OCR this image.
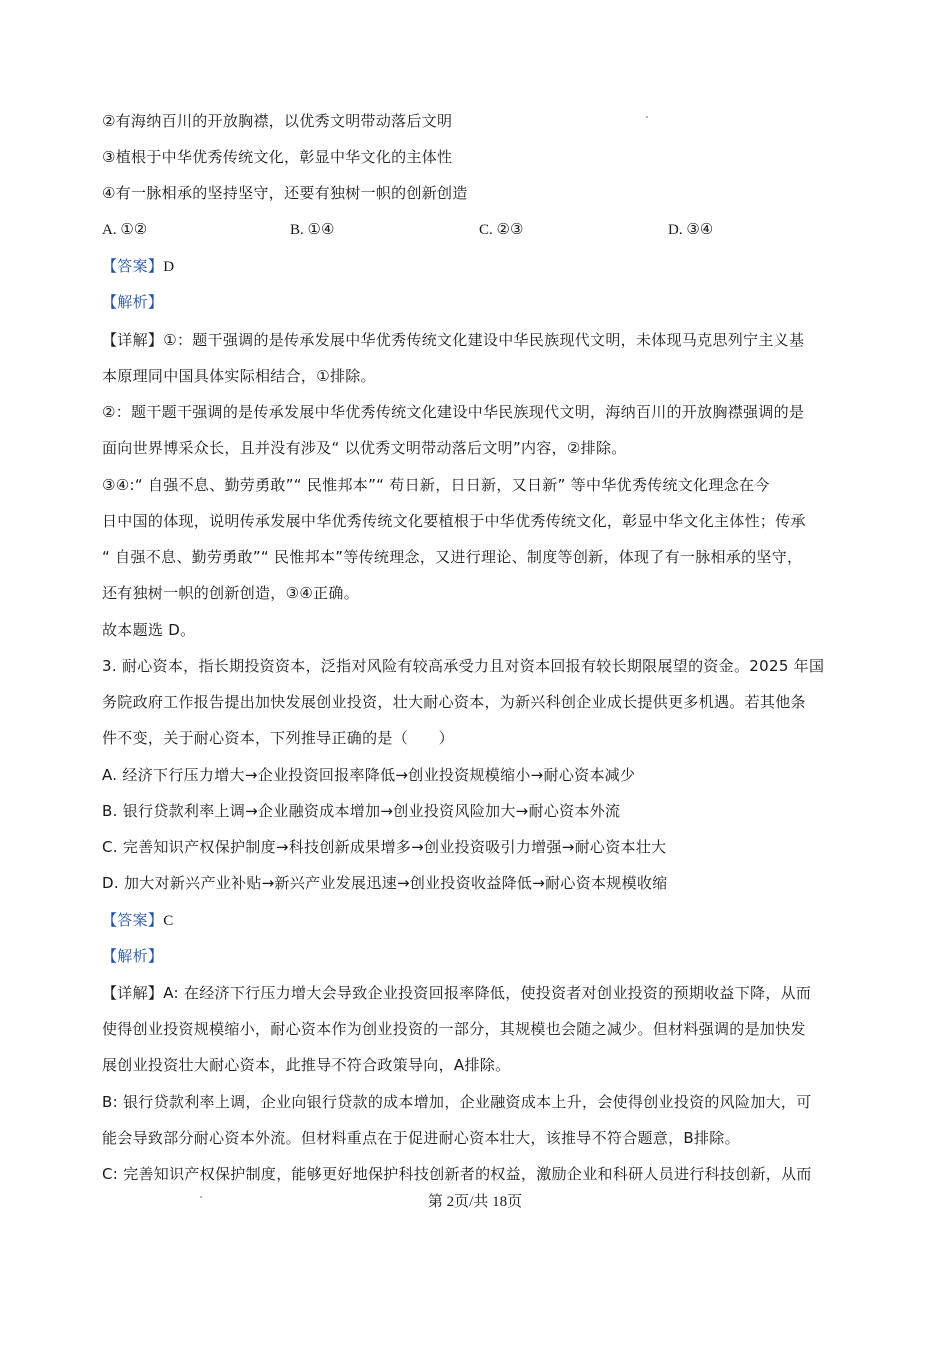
②有海纳百川的开放胸襟，以优秀文明带动落后文明
③植根于中华优秀传统文化，彰显中华文化的主体性
④有一脉相承的坚持坚守，还要有独树一帜的创新创造
A. ①②	B. ①④	C. ②③	D. ③④
【答案】D
【解析】
【详解】①：题干强调的是传承发展中华优秀传统文化建设中华民族现代文明，未体现马克思列宁主义基
本原理同中国具体实际相结合，①排除。
②：题干题干强调的是传承发展中华优秀传统文化建设中华民族现代文明，海纳百川的开放胸襟强调的是
面向世界博采众长，且并没有涉及“ 以优秀文明带动落后文明”内容，②排除。
③④:“ 自强不息、勤劳勇敢”“ 民惟邦本”“ 苟日新，日日新，又日新” 等中华优秀传统文化理念在今
日中国的体现，说明传承发展中华优秀传统文化要植根于中华优秀传统文化，彰显中华文化主体性；传承
“ 自强不息、勤劳勇敢”“ 民惟邦本”等传统理念，又进行理论、制度等创新，体现了有一脉相承的坚守，
还有独树一帜的创新创造，③④正确。
故本题选 D。
3. 耐心资本，指长期投资资本，泛指对风险有较高承受力且对资本回报有较长期限展望的资金。2025 年国
务院政府工作报告提出加快发展创业投资，壮大耐心资本，为新兴科创企业成长提供更多机遇。若其他条
件不变，关于耐心资本，下列推导正确的是（　　）
A. 经济下行压力增大→企业投资回报率降低→创业投资规模缩小→耐心资本减少
B. 银行贷款利率上调→企业融资成本增加→创业投资风险加大→耐心资本外流
C. 完善知识产权保护制度→科技创新成果增多→创业投资吸引力增强→耐心资本壮大
D. 加大对新兴产业补贴→新兴产业发展迅速→创业投资收益降低→耐心资本规模收缩
【答案】C
【解析】
【详解】A: 在经济下行压力增大会导致企业投资回报率降低，使投资者对创业投资的预期收益下降，从而
使得创业投资规模缩小，耐心资本作为创业投资的一部分，其规模也会随之减少。但材料强调的是加快发
展创业投资壮大耐心资本，此推导不符合政策导向，A排除。
B: 银行贷款利率上调，企业向银行贷款的成本增加，企业融资成本上升，会使得创业投资的风险加大，可
能会导致部分耐心资本外流。但材料重点在于促进耐心资本壮大，该推导不符合题意，B排除。
C: 完善知识产权保护制度，能够更好地保护科技创新者的权益，激励企业和科研人员进行科技创新，从而
第 2页/共 18页
